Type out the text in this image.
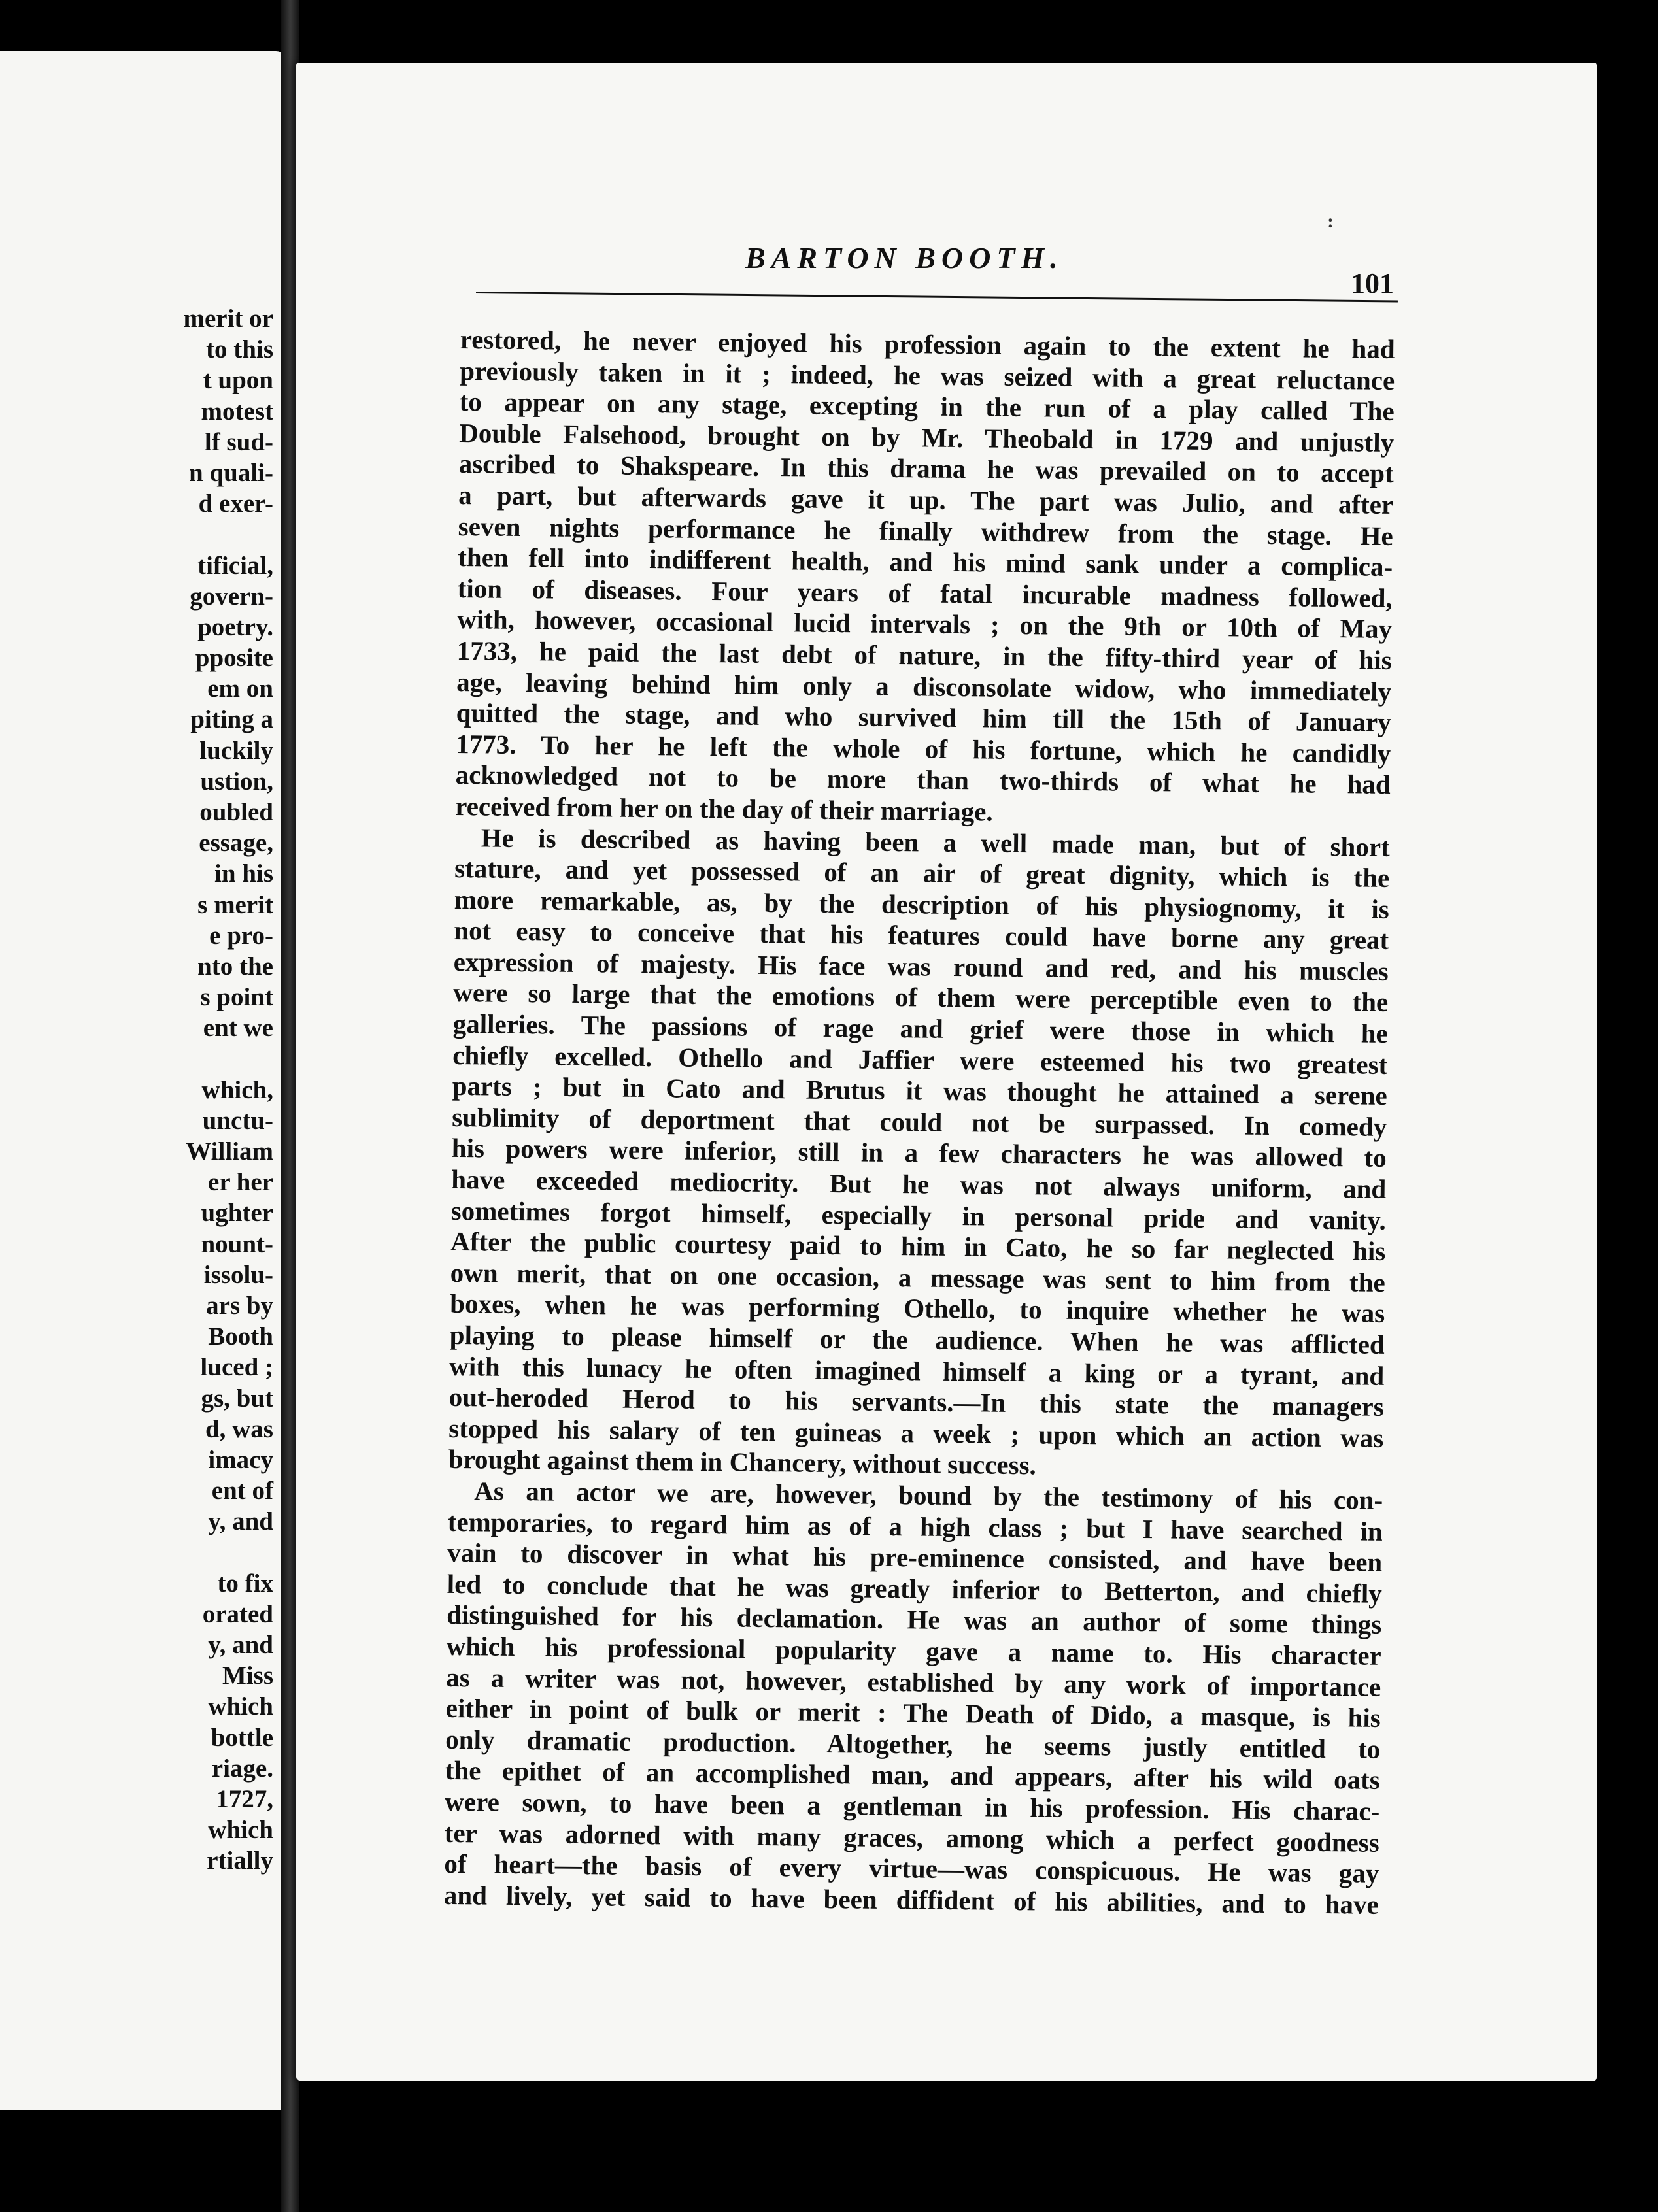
merit or
to this
t upon
motest
lf sud-
n quali-
d exer-
tificial,
govern-
poetry.
pposite
em on
piting a
luckily
ustion,
oubled
essage,
in his
s merit
e pro-
nto the
s point
ent we
which,
unctu-
William
er her
ughter
nount-
issolu-
ars by
Booth
luced ;
gs, but
d, was
imacy
ent of
y, and
to fix
orated
y, and
Miss
which
bottle
riage.
1727,
which
rtially
:
BARTON BOOTH.
101
restored, he never enjoyed his profession again to the extent he had
previously taken in it ; indeed, he was seized with a great reluctance
to appear on any stage, excepting in the run of a play called The
Double Falsehood, brought on by Mr. Theobald in 1729 and unjustly
ascribed to Shakspeare. In this drama he was prevailed on to accept
a part, but afterwards gave it up. The part was Julio, and after
seven nights performance he finally withdrew from the stage. He
then fell into indifferent health, and his mind sank under a complica-
tion of diseases. Four years of fatal incurable madness followed,
with, however, occasional lucid intervals ; on the 9th or 10th of May
1733, he paid the last debt of nature, in the fifty-third year of his
age, leaving behind him only a disconsolate widow, who immediately
quitted the stage, and who survived him till the 15th of January
1773. To her he left the whole of his fortune, which he candidly
acknowledged not to be more than two-thirds of what he had
received from her on the day of their marriage.
He is described as having been a well made man, but of short
stature, and yet possessed of an air of great dignity, which is the
more remarkable, as, by the description of his physiognomy, it is
not easy to conceive that his features could have borne any great
expression of majesty. His face was round and red, and his muscles
were so large that the emotions of them were perceptible even to the
galleries. The passions of rage and grief were those in which he
chiefly excelled. Othello and Jaffier were esteemed his two greatest
parts ; but in Cato and Brutus it was thought he attained a serene
sublimity of deportment that could not be surpassed. In comedy
his powers were inferior, still in a few characters he was allowed to
have exceeded mediocrity. But he was not always uniform, and
sometimes forgot himself, especially in personal pride and vanity.
After the public courtesy paid to him in Cato, he so far neglected his
own merit, that on one occasion, a message was sent to him from the
boxes, when he was performing Othello, to inquire whether he was
playing to please himself or the audience. When he was afflicted
with this lunacy he often imagined himself a king or a tyrant, and
out-heroded Herod to his servants.—In this state the managers
stopped his salary of ten guineas a week ; upon which an action was
brought against them in Chancery, without success.
As an actor we are, however, bound by the testimony of his con-
temporaries, to regard him as of a high class ; but I have searched in
vain to discover in what his pre-eminence consisted, and have been
led to conclude that he was greatly inferior to Betterton, and chiefly
distinguished for his declamation. He was an author of some things
which his professional popularity gave a name to. His character
as a writer was not, however, established by any work of importance
either in point of bulk or merit : The Death of Dido, a masque, is his
only dramatic production. Altogether, he seems justly entitled to
the epithet of an accomplished man, and appears, after his wild oats
were sown, to have been a gentleman in his profession. His charac-
ter was adorned with many graces, among which a perfect goodness
of heart—the basis of every virtue—was conspicuous. He was gay
and lively, yet said to have been diffident of his abilities, and to have
